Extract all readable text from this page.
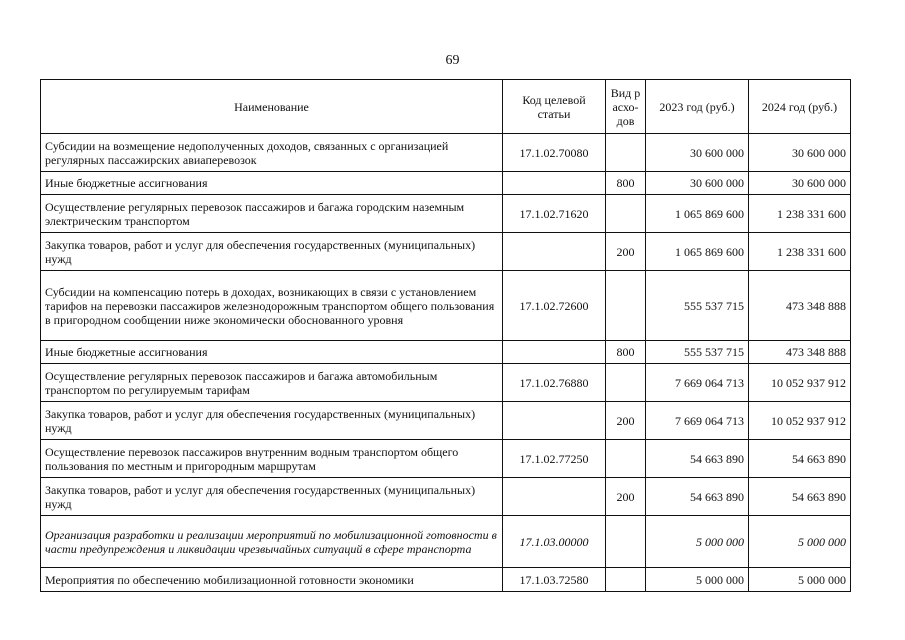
69
Наименование	Код целевой статьи	Вид расхо-дов	2023 год (руб.)	2024 год (руб.)
Субсидии на возмещение недополученных доходов, связанных с организацией регулярных пассажирских авиаперевозок	17.1.02.70080		30 600 000	30 600 000
Иные бюджетные ассигнования		800	30 600 000	30 600 000
Осуществление регулярных перевозок пассажиров и багажа городским наземным электрическим транспортом	17.1.02.71620		1 065 869 600	1 238 331 600
Закупка товаров, работ и услуг для обеспечения государственных (муниципальных) нужд		200	1 065 869 600	1 238 331 600
Субсидии на компенсацию потерь в доходах, возникающих в связи с установлением тарифов на перевозки пассажиров железнодорожным транспортом общего пользования в пригородном сообщении ниже экономически обоснованного уровня	17.1.02.72600		555 537 715	473 348 888
Иные бюджетные ассигнования		800	555 537 715	473 348 888
Осуществление регулярных перевозок пассажиров и багажа автомобильным транспортом по регулируемым тарифам	17.1.02.76880		7 669 064 713	10 052 937 912
Закупка товаров, работ и услуг для обеспечения государственных (муниципальных) нужд		200	7 669 064 713	10 052 937 912
Осуществление перевозок пассажиров внутренним водным транспортом общего пользования по местным и пригородным маршрутам	17.1.02.77250		54 663 890	54 663 890
Закупка товаров, работ и услуг для обеспечения государственных (муниципальных) нужд		200	54 663 890	54 663 890
Организация разработки и реализации мероприятий по мобилизационной готовности в части предупреждения и ликвидации чрезвычайных ситуаций в сфере транспорта	17.1.03.00000		5 000 000	5 000 000
Мероприятия по обеспечению мобилизационной готовности экономики	17.1.03.72580		5 000 000	5 000 000
